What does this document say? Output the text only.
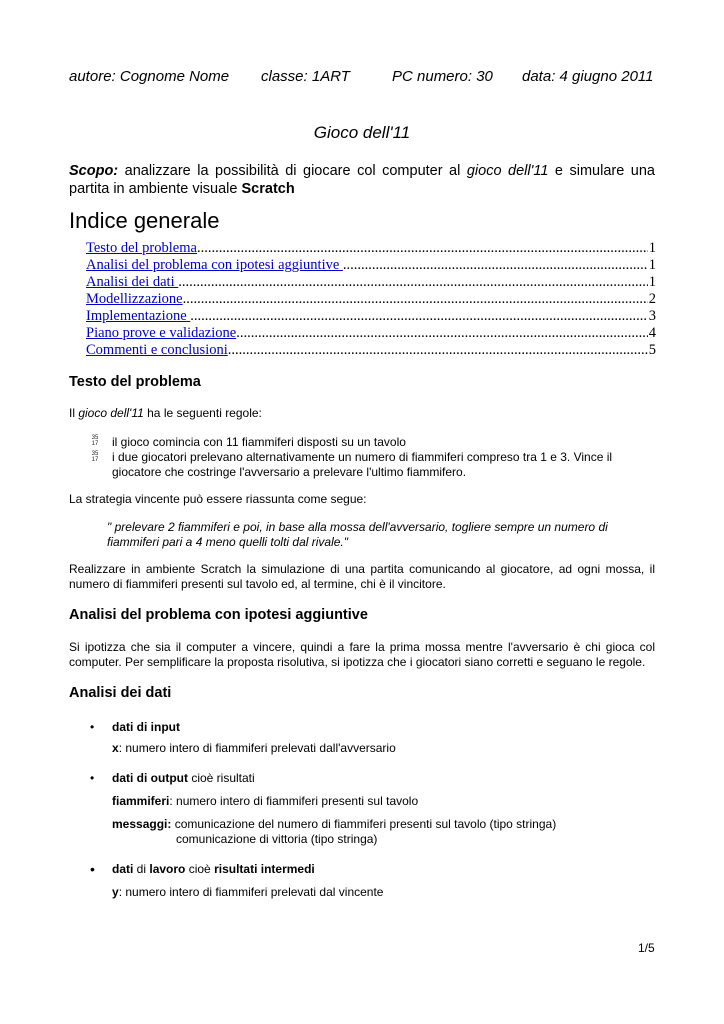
autore: Cognome Nome classe: 1ART	PC numero: 30 data: 4 giugno 2011
Gioco dell'11
Scopo: analizzare la possibilità di giocare col computer al gioco dell'11 e simulare una partita in ambiente visuale Scratch
Indice generale
Testo del problema .....	1
Analisi del problema con ipotesi aggiuntive .....	1
Analisi dei dati .....	1
Modellizzazione .....	2
Implementazione .....	3
Piano prove e validazione .....	4
Commenti e conclusioni .....	5
Testo del problema
Il gioco dell'11 ha le seguenti regole:
35
17 il gioco comincia con 11 fiammiferi disposti su un tavolo
35
17 i due giocatori prelevano alternativamente un numero di fiammiferi compreso tra 1 e 3. Vince il giocatore che costringe l'avversario a prelevare l'ultimo fiammifero.
La strategia vincente può essere riassunta come segue:
" prelevare 2 fiammiferi e poi, in base alla mossa dell'avversario, togliere sempre un numero di fiammiferi pari a 4 meno quelli tolti dal rivale."
Realizzare in ambiente Scratch la simulazione di una partita comunicando al giocatore, ad ogni mossa, il numero di fiammiferi presenti sul tavolo ed, al termine, chi è il vincitore.
Analisi del problema con ipotesi aggiuntive
Si ipotizza che sia il computer a vincere, quindi a fare la prima mossa mentre l'avversario è chi gioca col computer. Per semplificare la proposta risolutiva, si ipotizza che i giocatori siano corretti e seguano le regole.
Analisi dei dati
• dati di input
x: numero intero di fiammiferi prelevati dall'avversario
• dati di output cioè risultati
fiammiferi: numero intero di fiammiferi presenti sul tavolo
messaggi: comunicazione del numero di fiammiferi presenti sul tavolo (tipo stringa)
comunicazione di vittoria (tipo stringa)
• dati di lavoro cioè risultati intermedi
y: numero intero di fiammiferi prelevati dal vincente
1/5
